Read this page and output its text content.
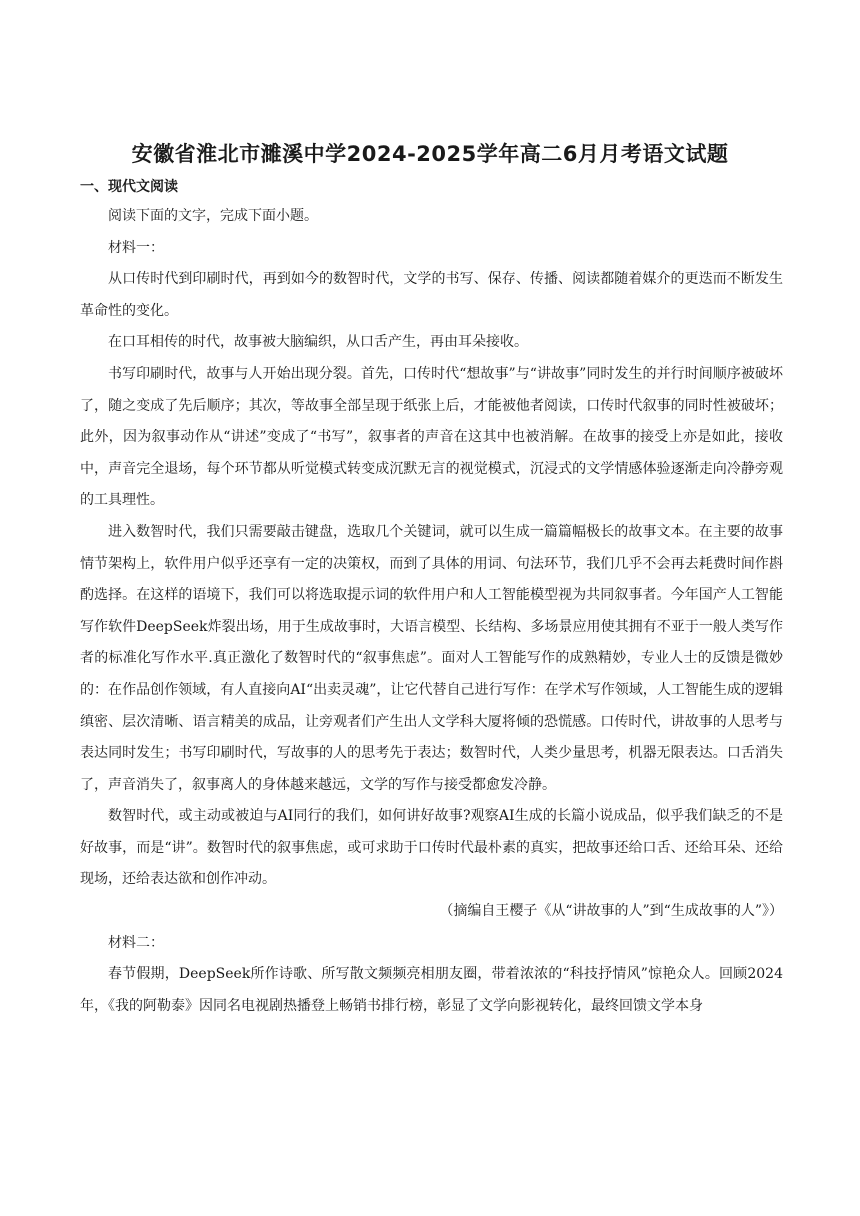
安徽省淮北市濉溪中学2024-2025学年高二6月月考语文试题
一、现代文阅读

阅读下面的文字，完成下面小题。

材料一：

从口传时代到印刷时代，再到如今的数智时代，文学的书写、保存、传播、阅读都随着媒介的更迭而不断发生革命性的变化。

在口耳相传的时代，故事被大脑编织，从口舌产生，再由耳朵接收。

书写印刷时代，故事与人开始出现分裂。首先，口传时代“想故事”与“讲故事”同时发生的并行时间顺序被破坏了，随之变成了先后顺序；其次，等故事全部呈现于纸张上后，才能被他者阅读，口传时代叙事的同时性被破坏；此外，因为叙事动作从“讲述”变成了“书写”，叙事者的声音在这其中也被消解。在故事的接受上亦是如此，接收中，声音完全退场，每个环节都从听觉模式转变成沉默无言的视觉模式，沉浸式的文学情感体验逐渐走向冷静旁观的工具理性。

进入数智时代，我们只需要敲击键盘，选取几个关键词，就可以生成一篇篇幅极长的故事文本。在主要的故事情节架构上，软件用户似乎还享有一定的决策权，而到了具体的用词、句法环节，我们几乎不会再去耗费时间作斟酌选择。在这样的语境下，我们可以将选取提示词的软件用户和人工智能模型视为共同叙事者。今年国产人工智能写作软件DeepSeek炸裂出场，用于生成故事时，大语言模型、长结构、多场景应用使其拥有不亚于一般人类写作者的标准化写作水平.真正激化了数智时代的“叙事焦虑”。面对人工智能写作的成熟精妙，专业人士的反馈是微妙的：在作品创作领域，有人直接向AI“出卖灵魂”，让它代替自己进行写作：在学术写作领域，人工智能生成的逻辑缜密、层次清晰、语言精美的成品，让旁观者们产生出人文学科大厦将倾的恐慌感。口传时代，讲故事的人思考与表达同时发生；书写印刷时代，写故事的人的思考先于表达；数智时代，人类少量思考，机器无限表达。口舌消失了，声音消失了，叙事离人的身体越来越远，文学的写作与接受都愈发冷静。

数智时代，或主动或被迫与AI同行的我们，如何讲好故事?观察AI生成的长篇小说成品，似乎我们缺乏的不是好故事，而是“讲”。数智时代的叙事焦虑，或可求助于口传时代最朴素的真实，把故事还给口舌、还给耳朵、还给现场，还给表达欲和创作冲动。

（摘编自王樱子《从“讲故事的人”到“生成故事的人”》）

材料二：

春节假期，DeepSeek所作诗歌、所写散文频频亮相朋友圈，带着浓浓的“科技抒情风”惊艳众人。回顾2024年，《我的阿勒泰》因同名电视剧热播登上畅销书排行榜，彰显了文学向影视转化，最终回馈文学本身
